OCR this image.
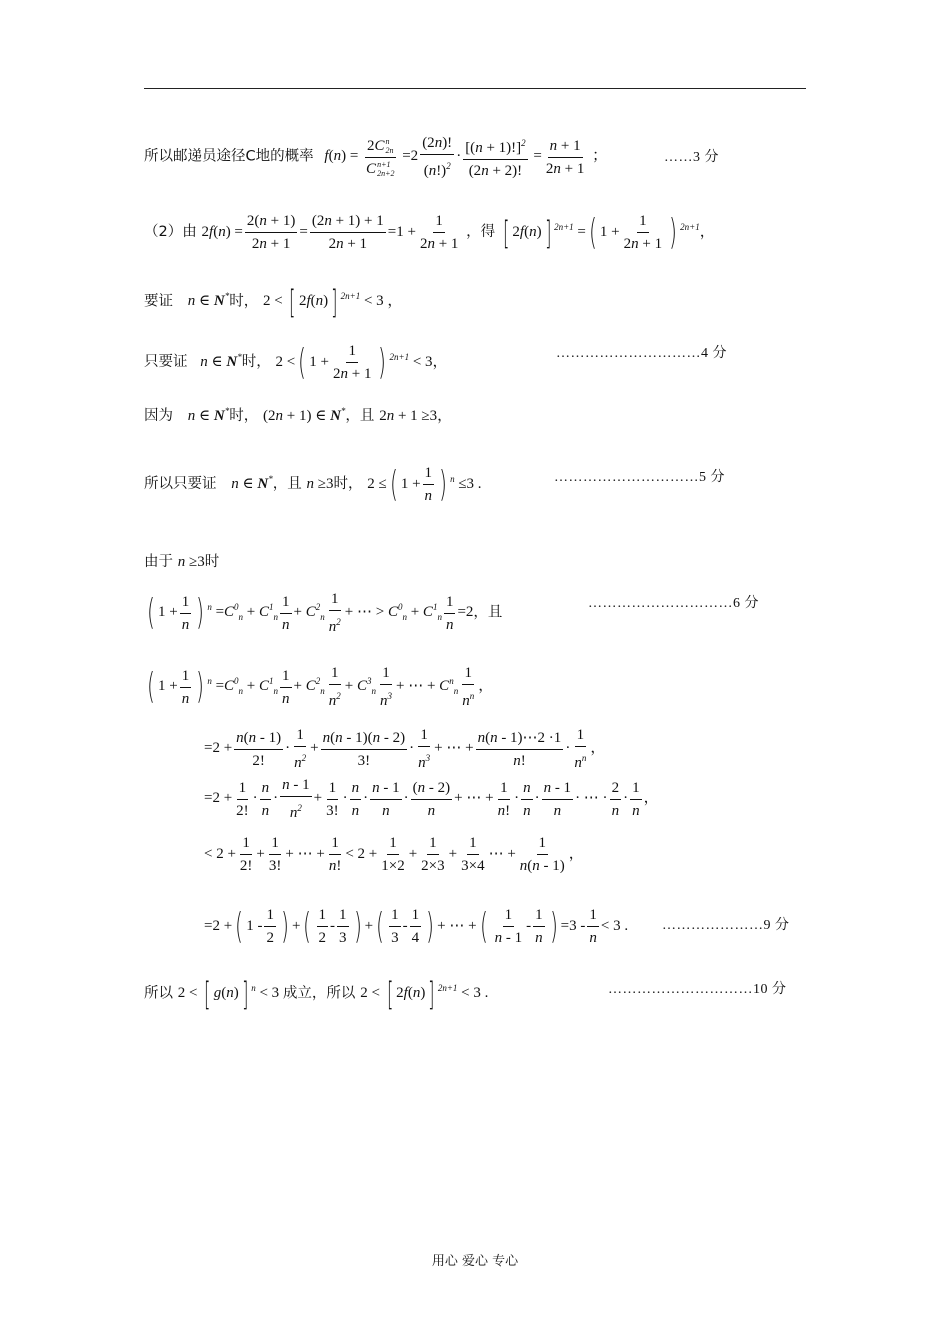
所以邮递员途径C地的概率 f(n) = 2 C n
2n
C n+1
$2n+2 =2 \frac{(2n)!}{(n!)^2} \cdot \frac{[(n + 1)!]^2}{(2n + 2)!} = \frac{n + 1}{2n + 1}$ ；	……3 分
（2）由 $2f(n) = \frac{2(n + 1)}{2n + 1} = \frac{(2n + 1) + 1}{2n + 1} =1 + \frac{1}{2n + 1}$ ，得 [ 2f(n)] $^{2n+1}$ =( $1 + \frac{1}{2n + 1}$ ) $^{2n+1}$，
要证 n ∈ N*时， 2 < [ 2f(n)] $^{2n+1}$ < 3 ，
只要证 n ∈ N*时， 2 <( $1 + \frac{1}{2n + 1}$ ) $^{2n+1}$ < 3，
…………………………4 分
因为 n ∈ N*时， (2n + 1) ∈ N*，且 2n + 1 ≥3，
所以只要证 n ∈ N*，且 n ≥3时， 2 ≤( $1 + \frac{1}{n}$ ) $^n$ ≤3 .	…………………………5 分
由于 n ≥3时
( $1 + \frac{1}{n}$ ) $^n =C^0_n + C^1_n \frac{1}{n} + C^2_n \frac{1}{n^2}$ + ⋯ > $C^0_n + C^1_n \frac{1}{n} =2$，且
…………………………6 分
( $1 + \frac{1}{n}$ ) $^n =C^0_n + C^1_n \frac{1}{n} + C^2_n \frac{1}{n^2} + C^3_n \frac{1}{n^3}$ + ⋯ + $C^n_n \frac{1}{n^n}$ ，
$=2 + \frac{n(n - 1)}{2!} \cdot \frac{1}{n^2} + \frac{n(n - 1)(n - 2)}{3!} \cdot \frac{1}{n^3}$ + ⋯ + $\frac{n(n - 1)\cdots 2 \cdot 1}{n!} \cdot \frac{1}{n^n}$ ，
$=2 + \frac{1}{2!} \cdot \frac{n}{n} \cdot \frac{n - 1}{n^2} + \frac{1}{3!} \cdot \frac{n}{n} \cdot \frac{n - 1}{n} \cdot \frac{(n - 2)}{n}$ + ⋯ + $\frac{1}{n!} \cdot \frac{n}{n} \cdot \frac{n - 1}{n}$ · ⋯ · $\frac{2}{n} \cdot \frac{1}{n}$ ，
< $2 + \frac{1}{2!} + \frac{1}{3!}$ + ⋯ + $\frac{1}{n!} < 2 + \frac{1}{1\times 2} + \frac{1}{2\times 3} + \frac{1}{3\times 4}$ ⋯ + $\frac{1}{n(n - 1)}$ ，
=2 +( $1 - \frac{1}{2}$ ) +( $\frac{1}{2} - \frac{1}{3}$ ) +( $\frac{1}{3} - \frac{1}{4}$ ) + ⋯ +( $\frac{1}{n - 1} - \frac{1}{n}$ ) $=3 - \frac{1}{n} < 3$ . …………………9 分
所以 2 < [ g(n)] $^n$ < 3 成立，所以 2 < [ 2f(n)] $^{2n+1}$ < 3 .	…………………………10 分
用心 爱心 专心
